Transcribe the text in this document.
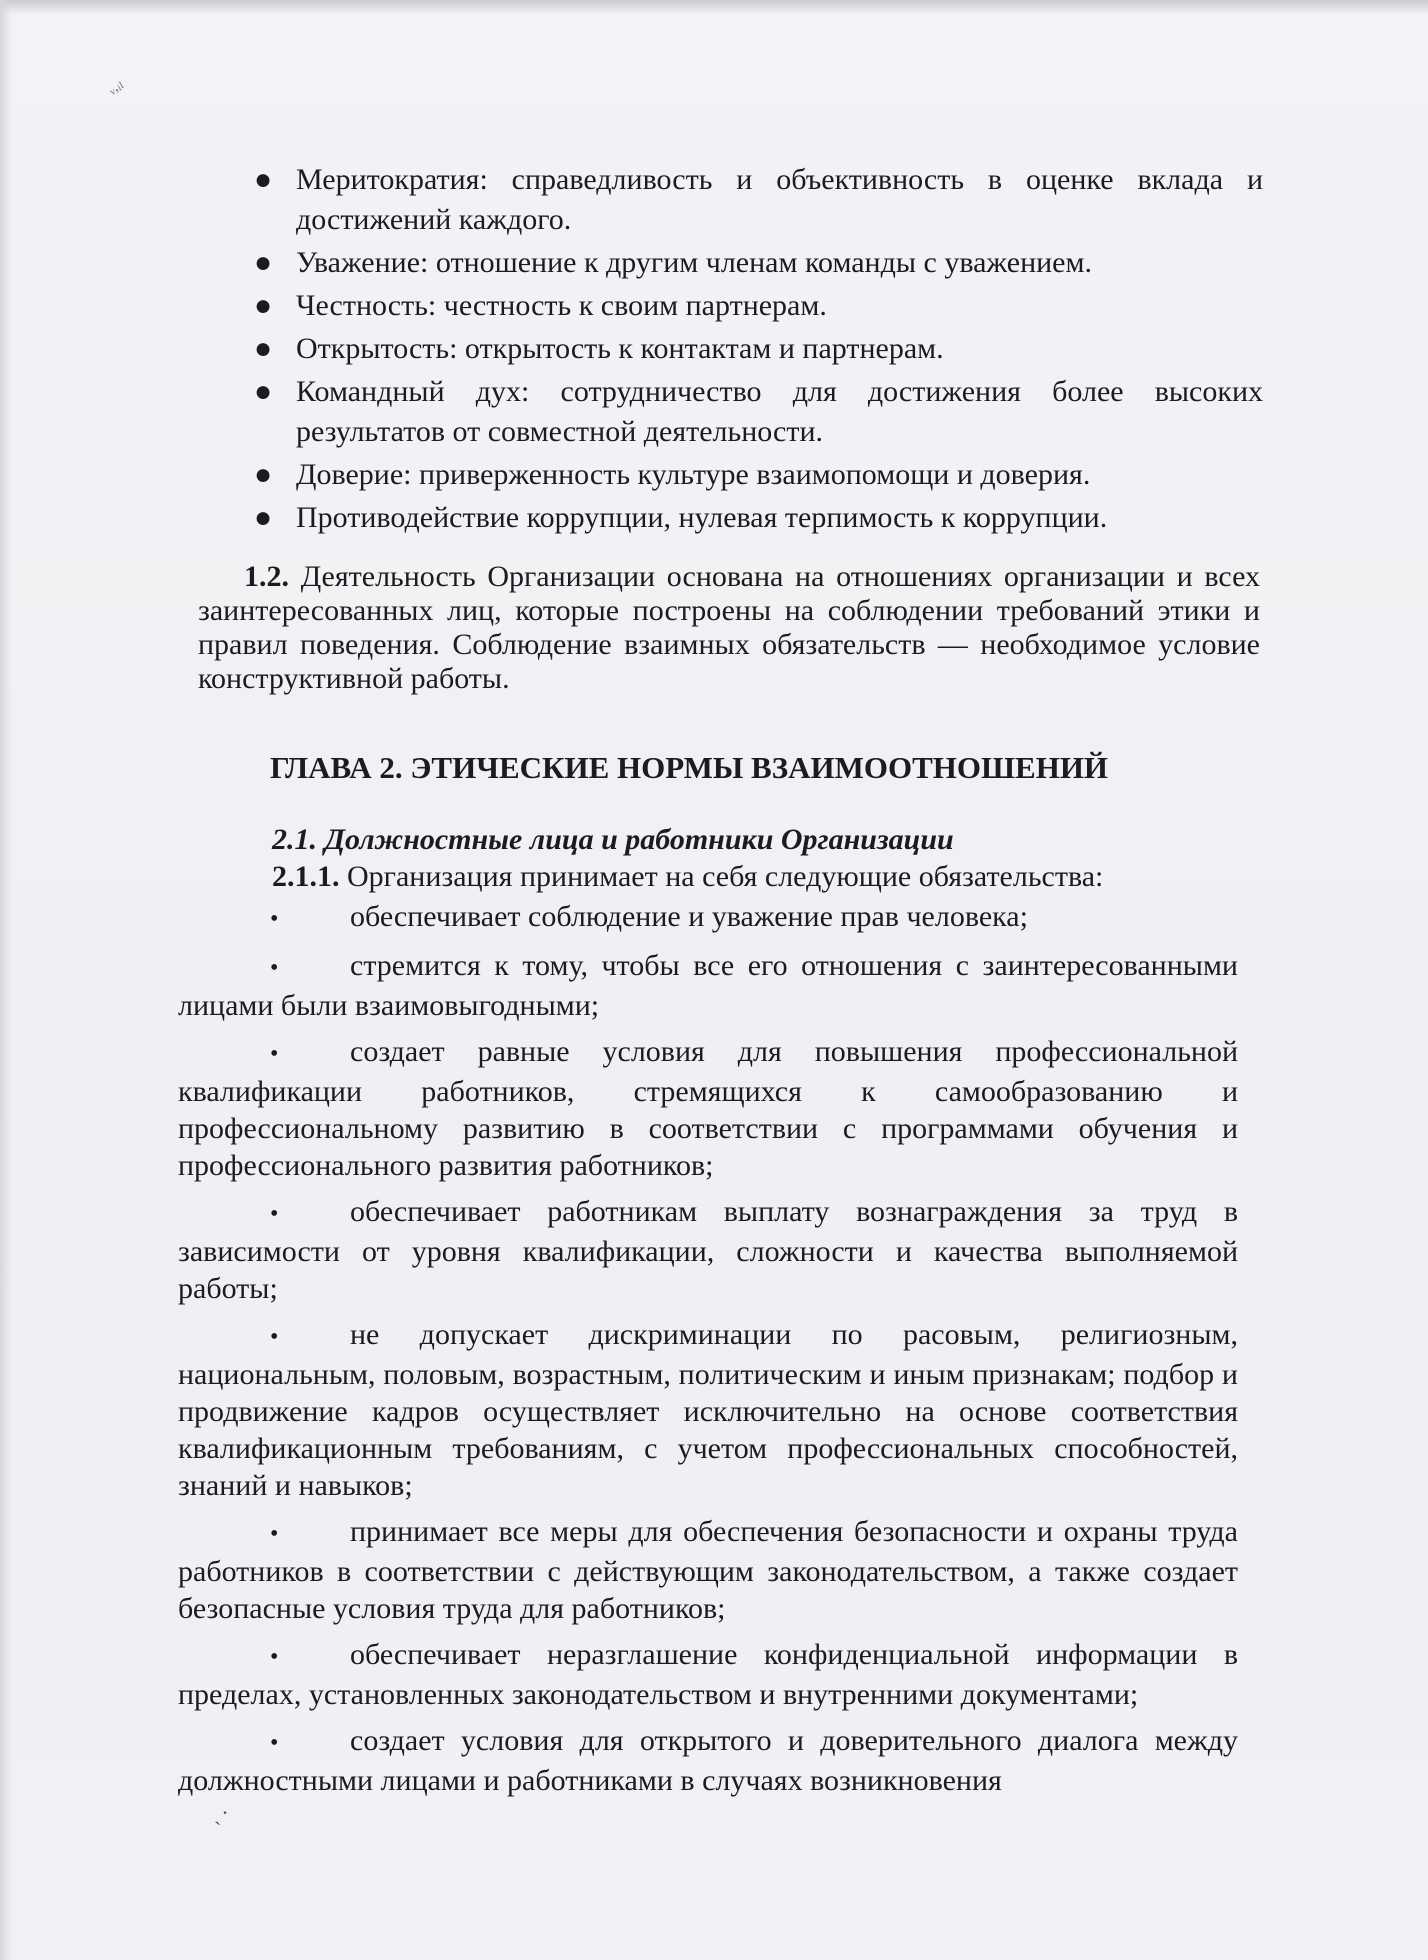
ᵥ,ᵢₗ
● Меритократия: справедливость и объективность в оценке вклада и достижений каждого.
● Уважение: отношение к другим членам команды с уважением.
● Честность: честность к своим партнерам.
● Открытость: открытость к контактам и партнерам.
● Командный дух: сотрудничество для достижения более высоких результатов от совместной деятельности.
● Доверие: приверженность культуре взаимопомощи и доверия.
● Противодействие коррупции, нулевая терпимость к коррупции.
1.2. Деятельность Организации основана на отношениях организации и всех заинтересованных лиц, которые построены на соблюдении требований этики и правил поведения. Соблюдение взаимных обязательств — необходимое условие конструктивной работы.
ГЛАВА 2. ЭТИЧЕСКИЕ НОРМЫ ВЗАИМООТНОШЕНИЙ
2.1. Должностные лица и работники Организации
2.1.1. Организация принимает на себя следующие обязательства:
• обеспечивает соблюдение и уважение прав человека;
• стремится к тому, чтобы все его отношения с заинтересованными лицами были взаимовыгодными;
• создает равные условия для повышения профессиональной квалификации работников, стремящихся к самообразованию и профессиональному развитию в соответствии с программами обучения и профессионального развития работников;
• обеспечивает работникам выплату вознаграждения за труд в зависимости от уровня квалификации, сложности и качества выполняемой работы;
• не допускает дискриминации по расовым, религиозным, национальным, половым, возрастным, политическим и иным признакам; подбор и продвижение кадров осуществляет исключительно на основе соответствия квалификационным требованиям, с учетом профессиональных способностей, знаний и навыков;
• принимает все меры для обеспечения безопасности и охраны труда работников в соответствии с действующим законодательством, а также создает безопасные условия труда для работников;
• обеспечивает неразглашение конфиденциальной информации в пределах, установленных законодательством и внутренними документами;
• создает условия для открытого и доверительного диалога между должностными лицами и работниками в случаях возникновения
ˎ·
